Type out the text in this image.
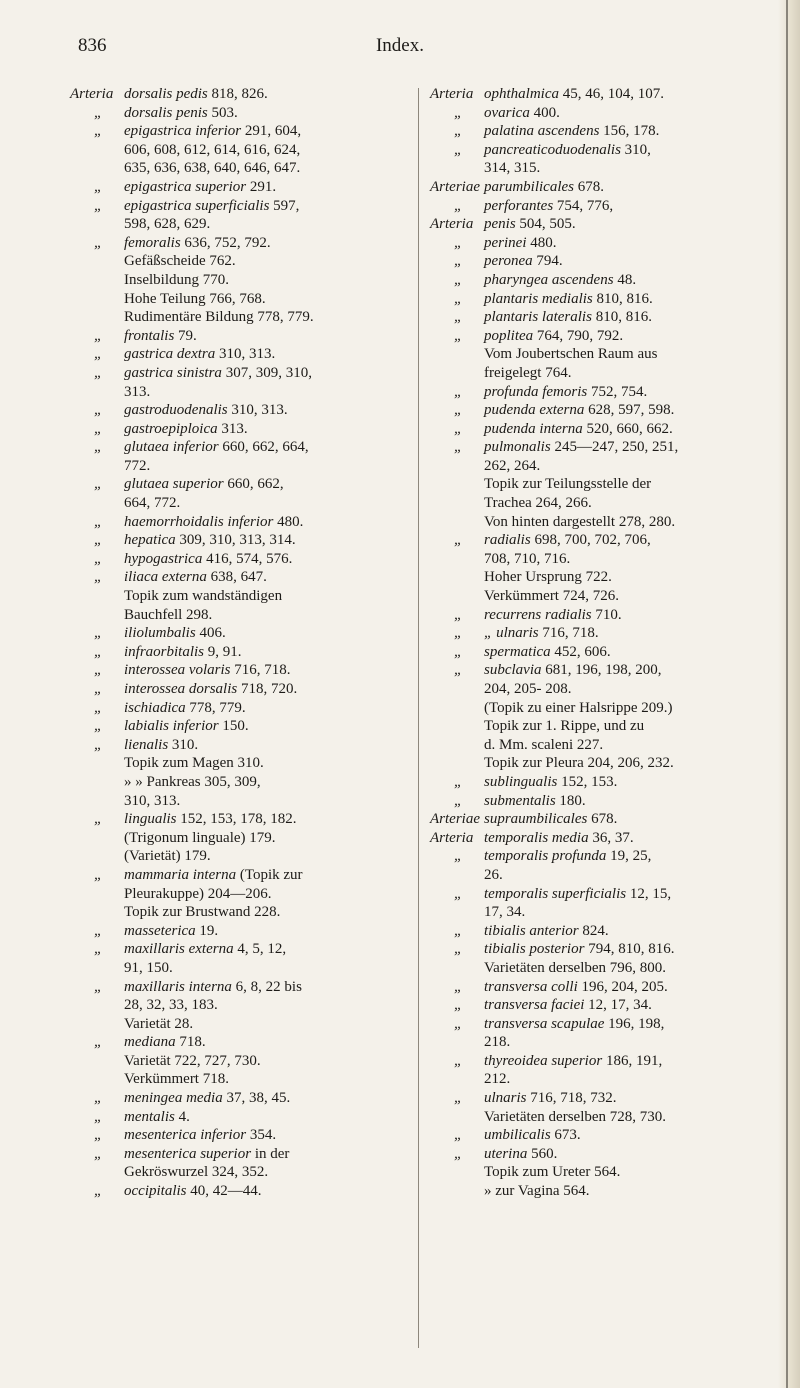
836	Index.
Arteria dorsalis pedis 818, 826.
„ dorsalis penis 503.
„ epigastrica inferior 291, 604,
606, 608, 612, 614, 616, 624,
635, 636, 638, 640, 646, 647.
„ epigastrica superior 291.
„ epigastrica superficialis 597,
598, 628, 629.
„ femoralis 636, 752, 792.
Gefäßscheide 762.
Inselbildung 770.
Hohe Teilung 766, 768.
Rudimentäre Bildung 778, 779.
„ frontalis 79.
„ gastrica dextra 310, 313.
„ gastrica sinistra 307, 309, 310,
313.
„ gastroduodenalis 310, 313.
„ gastroepiploica 313.
„ glutaea inferior 660, 662, 664,
772.
„ glutaea superior 660, 662,
664, 772.
„ haemorrhoidalis inferior 480.
„ hepatica 309, 310, 313, 314.
„ hypogastrica 416, 574, 576.
„ iliaca externa 638, 647.
Topik zum wandständigen
Bauchfell 298.
„ iliolumbalis 406.
„ infraorbitalis 9, 91.
„ interossea volaris 716, 718.
„ interossea dorsalis 718, 720.
„ ischiadica 778, 779.
„ labialis inferior 150.
„ lienalis 310.
Topik zum Magen 310.
» » Pankreas 305, 309,
310, 313.
„ lingualis 152, 153, 178, 182.
(Trigonum linguale) 179.
(Varietät) 179.
„ mammaria interna (Topik zur
Pleurakuppe) 204—206.
Topik zur Brustwand 228.
„ masseterica 19.
„ maxillaris externa 4, 5, 12,
91, 150.
„ maxillaris interna 6, 8, 22 bis
28, 32, 33, 183.
Varietät 28.
„ mediana 718.
Varietät 722, 727, 730.
Verkümmert 718.
„ meningea media 37, 38, 45.
„ mentalis 4.
„ mesenterica inferior 354.
„ mesenterica superior in der
Gekröswurzel 324, 352.
„ occipitalis 40, 42—44.
Arteria ophthalmica 45, 46, 104, 107.
„ ovarica 400.
„ palatina ascendens 156, 178.
„ pancreaticoduodenalis 310,
314, 315.
Arteriae parumbilicales 678.
„ perforantes 754, 776,
Arteria penis 504, 505.
„ perinei 480.
„ peronea 794.
„ pharyngea ascendens 48.
„ plantaris medialis 810, 816.
„ plantaris lateralis 810, 816.
„ poplitea 764, 790, 792.
Vom Joubertschen Raum aus
freigelegt 764.
„ profunda femoris 752, 754.
„ pudenda externa 628, 597, 598.
„ pudenda interna 520, 660, 662.
„ pulmonalis 245—247, 250, 251,
262, 264.
Topik zur Teilungsstelle der
Trachea 264, 266.
Von hinten dargestellt 278, 280.
„ radialis 698, 700, 702, 706,
708, 710, 716.
Hoher Ursprung 722.
Verkümmert 724, 726.
„ recurrens radialis 710.
„ „ ulnaris 716, 718.
„ spermatica 452, 606.
„ subclavia 681, 196, 198, 200,
204, 205- 208.
(Topik zu einer Halsrippe 209.)
Topik zur 1. Rippe, und zu
d. Mm. scaleni 227.
Topik zur Pleura 204, 206, 232.
„ sublingualis 152, 153.
„ submentalis 180.
Arteriae supraumbilicales 678.
Arteria temporalis media 36, 37.
„ temporalis profunda 19, 25,
26.
„ temporalis superficialis 12, 15,
17, 34.
„ tibialis anterior 824.
„ tibialis posterior 794, 810, 816.
Varietäten derselben 796, 800.
„ transversa colli 196, 204, 205.
„ transversa faciei 12, 17, 34.
„ transversa scapulae 196, 198,
218.
„ thyreoidea superior 186, 191,
212.
„ ulnaris 716, 718, 732.
Varietäten derselben 728, 730.
„ umbilicalis 673.
„ uterina 560.
Topik zum Ureter 564.
» zur Vagina 564.
